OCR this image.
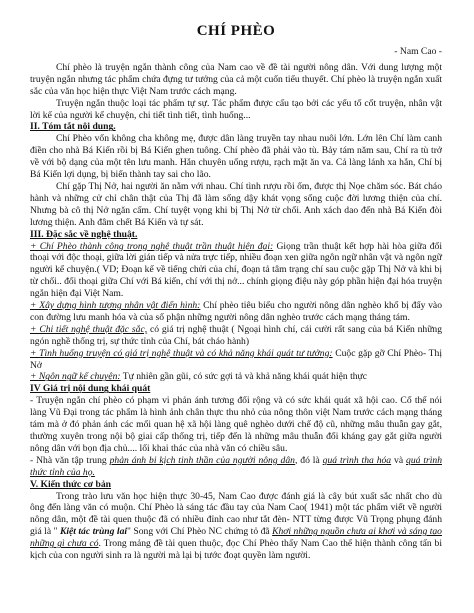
CHÍ PHÈO
- Nam Cao -

Chí phèo là truyện ngắn thành công của Nam cao về đề tài người nông dân. Với dung lượng một truyện ngắn nhưng tác phẩm chứa đựng tư tưởng của cả một cuốn tiểu thuyết. Chí phèo là truyện ngắn xuất sắc của văn học hiện thực Việt Nam trước cách mạng.

Truyện ngắn thuộc loại tác phẩm tự sự. Tác phẩm được cấu tạo bởi các yếu tố cốt truyện, nhân vật lời kể của người kể chuyện, chi tiết tình tiết, tình huống...

II. Tóm tắt nội dung.

Chí Phèo vốn không cha không mẹ, được dân làng truyền tay nhau nuôi lớn. Lớn lên Chí làm canh điền cho nhà Bá Kiến rồi bị Bá Kiến ghen tuông. Chí phèo đã phải vào tù. Bảy tám năm sau, Chí ra tù trở về với bộ dạng của một tên lưu manh. Hắn chuyên uống rượu, rạch mặt ăn va. Cả làng lánh xa hắn, Chí bị Bá Kiến lợi dụng, bị biến thành tay sai cho lão.

Chí gặp Thị Nở, hai người ăn nằm với nhau. Chí tình rượu rồi ốm, được thị Nọe chăm sóc. Bát cháo hành và những cử chỉ chân thật của Thị đã làm sống dậy khát vọng sống cuộc đời lương thiện của chí. Nhưng bà cô thị Nở ngăn cấm. Chí tuyệt vọng khi bị Thị Nở từ chối. Anh xách dao đến nhà Bá Kiến đòi lương thiện. Anh đâm chết Bá Kiến và tự sát.

III. Đặc sắc về nghệ thuật.

+ Chí Phèo thành công trong nghệ thuật trần thuật hiện đại: Giọng trần thuật kết hợp hài hòa giữa đối thoại với độc thoại, giữa lời gián tiếp và nửa trực tiếp, nhiều đoạn xen giữa ngôn ngữ nhân vật và ngôn ngữ người kể chuyện.( VD; Đoạn kể về tiếng chửi của chí, đoạn tả tâm trạng chí sau cuộc gặp Thị Nở và khi bị từ chối.. đối thoại giữa Chí với Bá kiến, chí với thị nở... chính giọng điệu này góp phần hiện đại hóa truyện ngắn hiện đại Việt Nam.

+ Xây dựng hình tượng nhân vật điển hình: Chí phèo tiêu biểu cho người nông dân nghèo khổ bị đẩy vào con đường lưu manh hóa và của số phận những người nông dân nghèo trước cách mạng tháng tám.

+ Chi tiết nghệ thuật đặc sắc, có giá trị nghệ thuật ( Ngoại hình chí, cái cười rất sang của bá Kiến những ngón nghề thống trị, sự thức tỉnh của Chí, bát cháo hành)

+ Tình huống truyện có giá trị nghệ thuật và có khả năng khái quát tư tưởng: Cuộc gặp gỡ Chí Phèo- Thị Nở

+ Ngôn ngữ kể chuyện: Tự nhiên gần gũi, có sức gợi tả và khả năng khái quát hiện thực

IV Giá trị nội dung khái quát

- Truyện ngắn chí phèo có phạm vi phản ánh tương đối rộng và có sức khái quát xã hội cao. Cố thể nói làng Vũ Đại trong tác phẩm là hình ảnh chân thực thu nhỏ của nông thôn việt Nam trước cách mạng tháng tám mà ở đó phản ánh các mối quan hệ xã hội làng quê nghèo dưới chế độ cũ, những mâu thuẫn gay gắt, thường xuyên trong nội bộ giai cấp thống trị, tiếp đến là những mâu thuẫn đối kháng gay gắt giữa người nông dân với bọn địa chủ.... lối khai thác của nhà văn có chiều sâu.

- Nhà văn tập trung phản ánh bi kịch tinh thần của người nông dân, đó là quá trình tha hóa và quá trình thức tỉnh của họ.

V. Kiến thức cơ bản

Trong trào lưu văn học hiện thực 30-45, Nam Cao được đánh giá là cây bút xuất sắc nhất cho dù ông đến làng văn có muộn. Chí Phèo là sáng tác đầu tay của Nam Cao( 1941) một tác phẩm viết về người nông dân, một đề tài quen thuộc đã có nhiều đỉnh cao như tắt đèn- NTT từng được Vũ Trọng phụng đánh giá là " Kiệt tác trùng lai" Song với Chí Phèo NC chứng tỏ đã Khơi những nguồn chưa ai khơi và sáng tạo những gì chưa có. Trong mảng đề tài quen thuộc, đọc Chí Phèo thấy Nam Cao thể hiện thành công tấn bi kịch của con người sinh ra là người mà lại bị tước đoạt quyền làm người.
